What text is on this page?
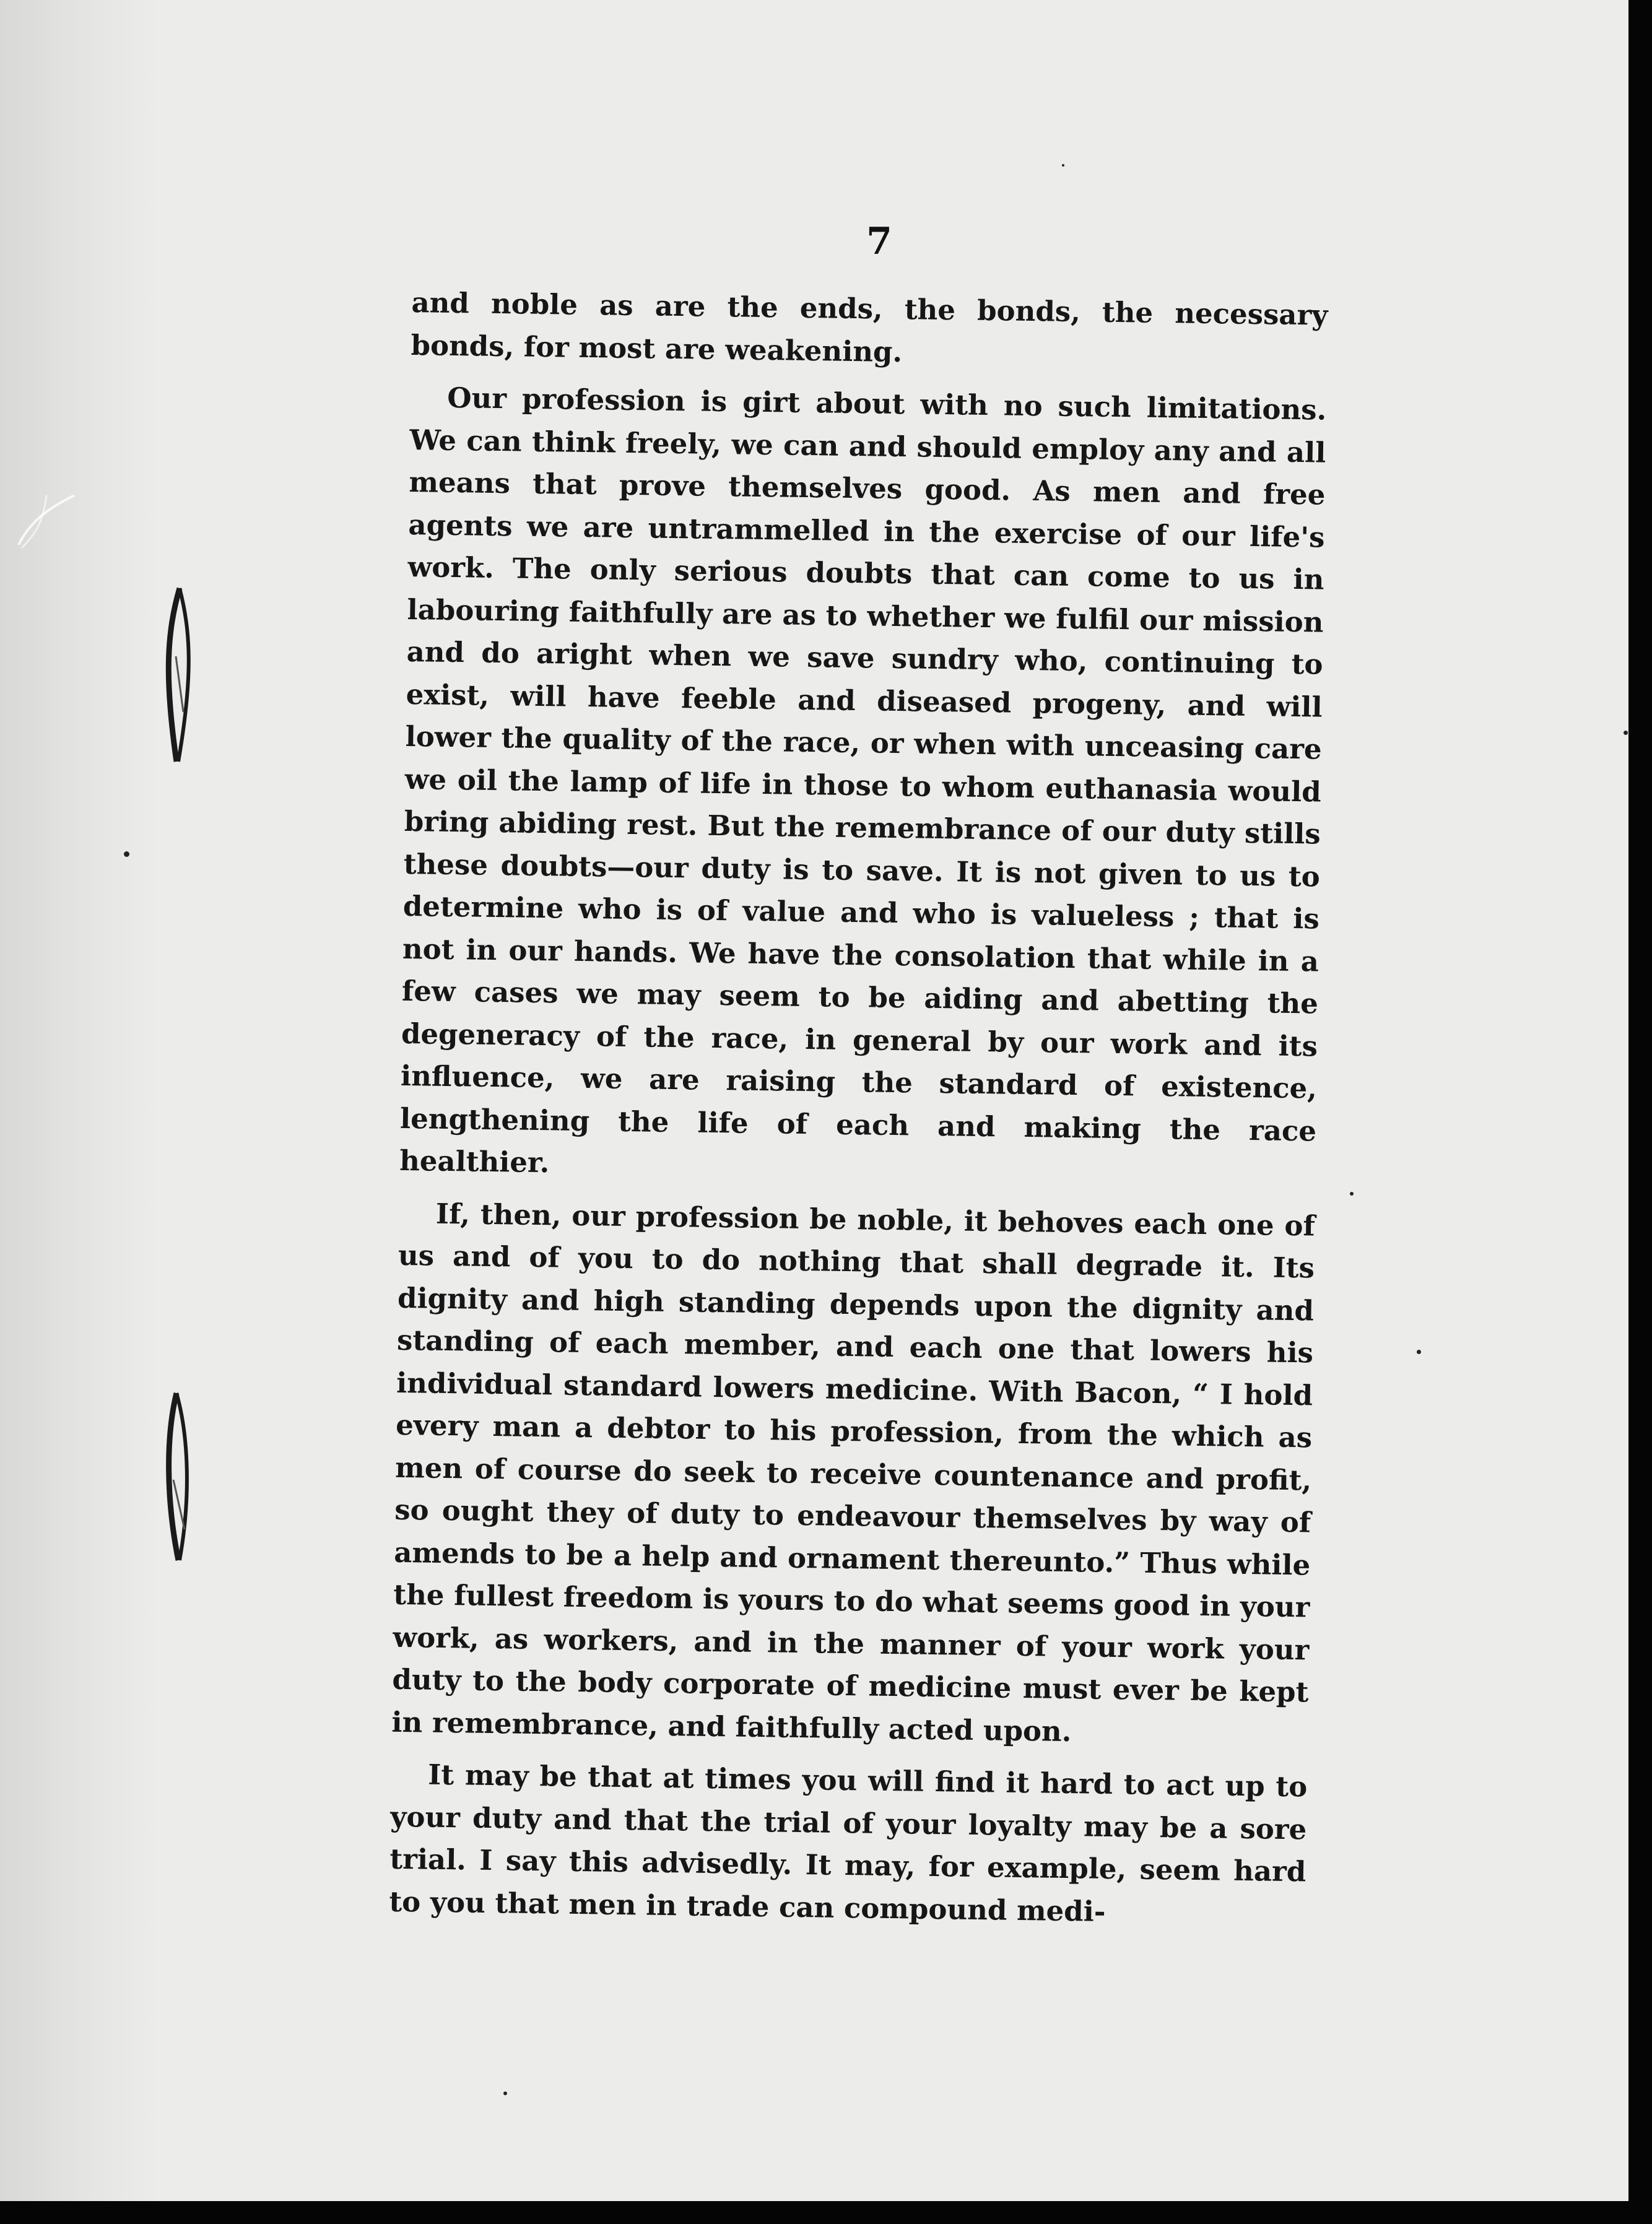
7

and noble as are the ends, the bonds, the necessary bonds, for most are weakening.

Our profession is girt about with no such limitations. We can think freely, we can and should employ any and all means that prove themselves good. As men and free agents we are untrammelled in the exercise of our life's work. The only serious doubts that can come to us in labouring faithfully are as to whether we fulfil our mission and do aright when we save sundry who, continuing to exist, will have feeble and diseased progeny, and will lower the quality of the race, or when with unceasing care we oil the lamp of life in those to whom euthanasia would bring abiding rest. But the remembrance of our duty stills these doubts—our duty is to save. It is not given to us to determine who is of value and who is valueless ; that is not in our hands. We have the consolation that while in a few cases we may seem to be aiding and abetting the degeneracy of the race, in general by our work and its influence, we are raising the standard of existence, lengthening the life of each and making the race healthier.

If, then, our profession be noble, it behoves each one of us and of you to do nothing that shall degrade it. Its dignity and high standing depends upon the dignity and standing of each member, and each one that lowers his individual standard lowers medicine. With Bacon, “ I hold every man a debtor to his profession, from the which as men of course do seek to receive countenance and profit, so ought they of duty to endeavour themselves by way of amends to be a help and ornament thereunto.” Thus while the fullest freedom is yours to do what seems good in your work, as workers, and in the manner of your work your duty to the body corporate of medicine must ever be kept in remembrance, and faithfully acted upon.

It may be that at times you will find it hard to act up to your duty and that the trial of your loyalty may be a sore trial. I say this advisedly. It may, for example, seem hard to you that men in trade can compound medi-
